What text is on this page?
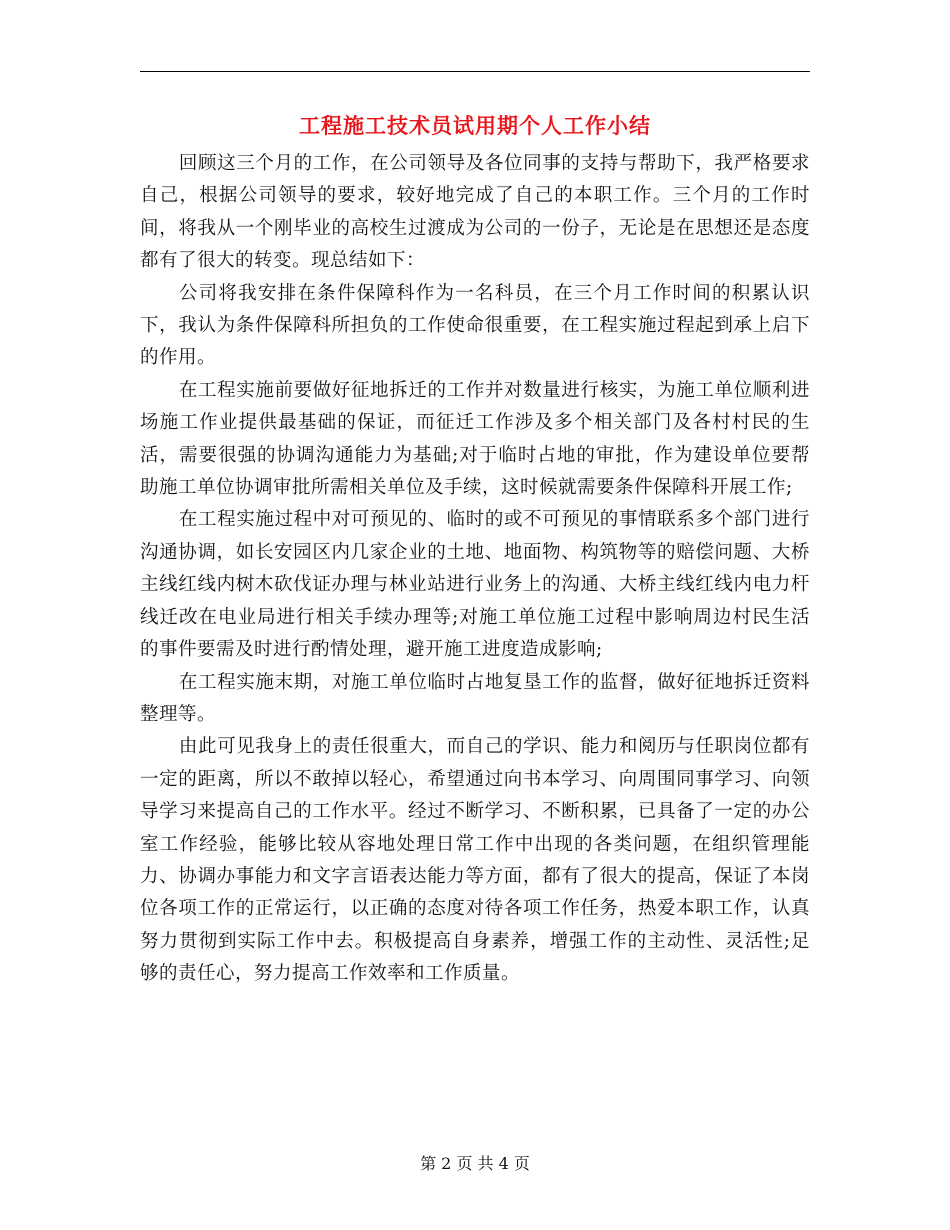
工程施工技术员试用期个人工作小结

回顾这三个月的工作，在公司领导及各位同事的支持与帮助下，我严格要求自己，根据公司领导的要求，较好地完成了自己的本职工作。三个月的工作时间，将我从一个刚毕业的高校生过渡成为公司的一份子，无论是在思想还是态度都有了很大的转变。现总结如下：

公司将我安排在条件保障科作为一名科员，在三个月工作时间的积累认识下，我认为条件保障科所担负的工作使命很重要，在工程实施过程起到承上启下的作用。

在工程实施前要做好征地拆迁的工作并对数量进行核实，为施工单位顺利进场施工作业提供最基础的保证，而征迁工作涉及多个相关部门及各村村民的生活，需要很强的协调沟通能力为基础;对于临时占地的审批，作为建设单位要帮助施工单位协调审批所需相关单位及手续，这时候就需要条件保障科开展工作;

在工程实施过程中对可预见的、临时的或不可预见的事情联系多个部门进行沟通协调，如长安园区内几家企业的土地、地面物、构筑物等的赔偿问题、大桥主线红线内树木砍伐证办理与林业站进行业务上的沟通、大桥主线红线内电力杆线迁改在电业局进行相关手续办理等;对施工单位施工过程中影响周边村民生活的事件要需及时进行酌情处理，避开施工进度造成影响;

在工程实施末期，对施工单位临时占地复垦工作的监督，做好征地拆迁资料整理等。

由此可见我身上的责任很重大，而自己的学识、能力和阅历与任职岗位都有一定的距离，所以不敢掉以轻心，希望通过向书本学习、向周围同事学习、向领导学习来提高自己的工作水平。经过不断学习、不断积累，已具备了一定的办公室工作经验，能够比较从容地处理日常工作中出现的各类问题，在组织管理能力、协调办事能力和文字言语表达能力等方面，都有了很大的提高，保证了本岗位各项工作的正常运行，以正确的态度对待各项工作任务，热爱本职工作，认真努力贯彻到实际工作中去。积极提高自身素养，增强工作的主动性、灵活性;足够的责任心，努力提高工作效率和工作质量。

第 2 页 共 4 页
